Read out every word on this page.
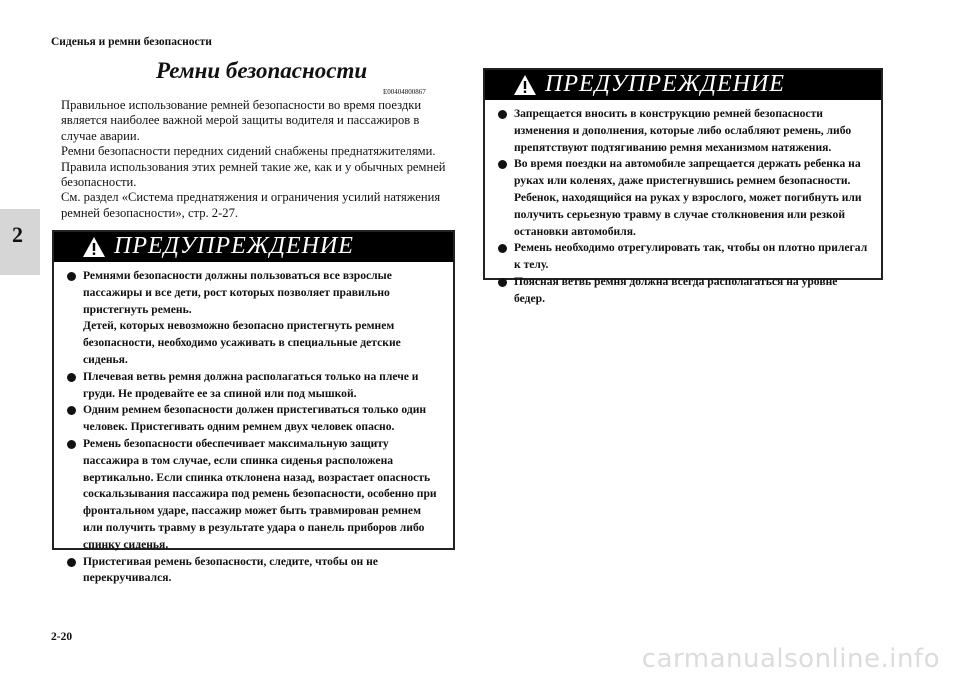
Сиденья и ремни безопасности
2
Ремни безопасности
E00404800867

Правильное использование ремней безопасности во время поездки является наиболее важной мерой защиты водителя и пассажиров в случае аварии.

Ремни безопасности передних сидений снабжены преднатяжителями. Правила использования этих ремней такие же, как и у обычных ремней безопасности.

См. раздел «Система преднатяжения и ограничения усилий натяжения ремней безопасности», стр. 2-27.

ПРЕДУПРЕЖДЕНИЕ

Ремнями безопасности должны пользоваться все взрослые пассажиры и все дети, рост которых позволяет правильно пристегнуть ремень.

Детей, которых невозможно безопасно пристегнуть ремнем безопасности, необходимо усаживать в специальные детские сиденья.

Плечевая ветвь ремня должна располагаться только на плече и груди. Не продевайте ее за спиной или под мышкой.

Одним ремнем безопасности должен пристегиваться только один человек. Пристегивать одним ремнем двух человек опасно.

Ремень безопасности обеспечивает максимальную защиту пассажира в том случае, если спинка сиденья расположена вертикально. Если спинка отклонена назад, возрастает опасность соскальзывания пассажира под ремень безопасности, особенно при фронтальном ударе, пассажир может быть травмирован ремнем или получить травму в результате удара о панель приборов либо спинку сиденья.

Пристегивая ремень безопасности, следите, чтобы он не перекручивался.

ПРЕДУПРЕЖДЕНИЕ

Запрещается вносить в конструкцию ремней безопасности изменения и дополнения, которые либо ослабляют ремень, либо препятствуют подтягиванию ремня механизмом натяжения.

Во время поездки на автомобиле запрещается держать ребенка на руках или коленях, даже пристегнувшись ремнем безопасности. Ребенок, находящийся на руках у взрослого, может погибнуть или получить серьезную травму в случае столкновения или резкой остановки автомобиля.

Ремень необходимо отрегулировать так, чтобы он плотно прилегал к телу.

Поясная ветвь ремня должна всегда располагаться на уровне бедер.

2-20
carmanualsonline.info
